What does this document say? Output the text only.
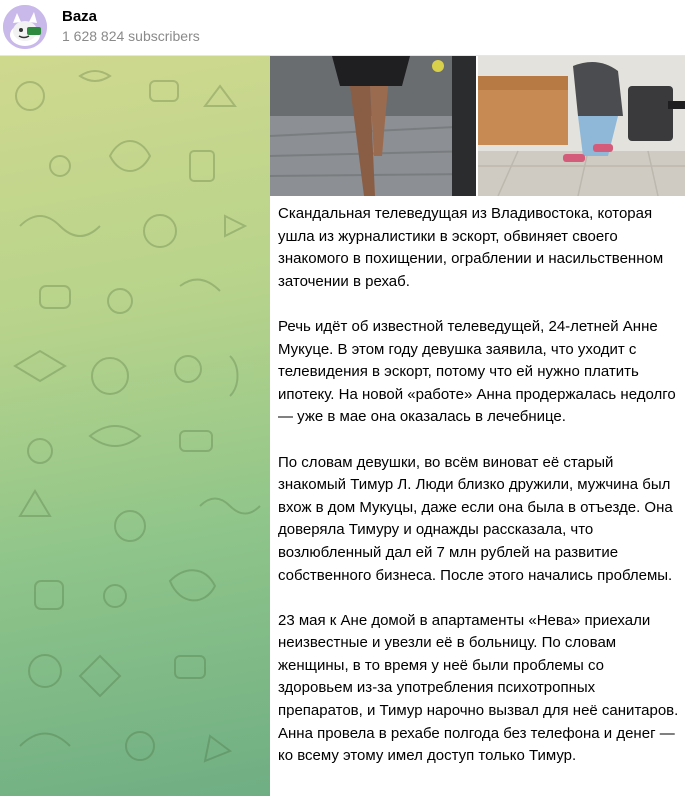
Baza
1 628 824 subscribers

Скандальная телеведущая из Владивостока, которая ушла из журналистики в эскорт, обвиняет своего знакомого в похищении, ограблении и насильственном заточении в рехаб.

Речь идёт об известной телеведущей, 24-летней Анне Мукуце. В этом году девушка заявила, что уходит с телевидения в эскорт, потому что ей нужно платить ипотеку. На новой «работе» Анна продержалась недолго — уже в мае она оказалась в лечебнице.

По словам девушки, во всём виноват её старый знакомый Тимур Л. Люди близко дружили, мужчина был вхож в дом Мукуцы, даже если она была в отъезде. Она доверяла Тимуру и однажды рассказала, что возлюбленный дал ей 7 млн рублей на развитие собственного бизнеса. После этого начались проблемы.

23 мая к Ане домой в апартаменты «Нева» приехали неизвестные и увезли её в больницу. По словам женщины, в то время у неё были проблемы со здоровьем из-за употребления психотропных препаратов, и Тимур нарочно вызвал для неё санитаров. Анна провела в рехабе полгода без телефона и денег — ко всему этому имел доступ только Тимур.
